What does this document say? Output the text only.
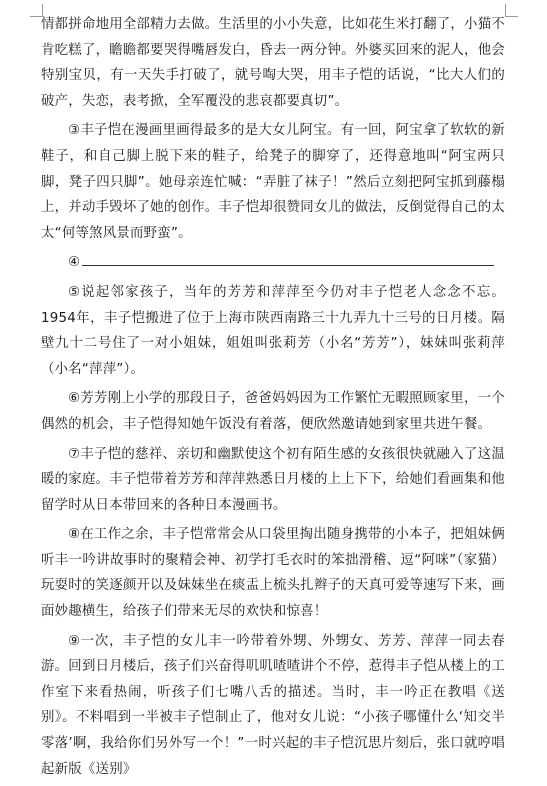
情都拼命地用全部精力去做。生活里的小小失意，比如花生米打翻了，小猫不肯吃糕了，瞻瞻都要哭得嘴唇发白，昏去一两分钟。外婆买回来的泥人，他会特别宝贝，有一天失手打破了，就号啕大哭，用丰子恺的话说，“比大人们的破产，失恋，表考掀，全军覆没的悲哀都要真切”。

③丰子恺在漫画里画得最多的是大女儿阿宝。有一回，阿宝拿了软软的新鞋子，和自己脚上脱下来的鞋子，给凳子的脚穿了，还得意地叫“阿宝两只脚，凳子四只脚”。她母亲连忙喊：“弄脏了袜子！”然后立刻把阿宝抓到藤榻上，并动手毁坏了她的创作。丰子恺却很赞同女儿的做法，反倒觉得自己的太太“何等煞风景而野蛮”。

④

⑤说起邻家孩子，当年的芳芳和萍萍至今仍对丰子恺老人念念不忘。1954年，丰子恺搬进了位于上海市陕西南路三十九弄九十三号的日月楼。隔壁九十二号住了一对小姐妹，姐姐叫张莉芳（小名“芳芳”），妹妹叫张莉萍（小名“萍萍”）。

⑥芳芳刚上小学的那段日子，爸爸妈妈因为工作繁忙无暇照顾家里，一个偶然的机会，丰子恺得知她午饭没有着落，便欣然邀请她到家里共进午餐。

⑦丰子恺的慈祥、亲切和幽默使这个初有陌生感的女孩很快就融入了这温暖的家庭。丰子恺带着芳芳和萍萍熟悉日月楼的上上下下，给她们看画集和他留学时从日本带回来的各种日本漫画书。

⑧在工作之余，丰子恺常常会从口袋里掏出随身携带的小本子，把姐妹俩听丰一吟讲故事时的聚精会神、初学打毛衣时的笨拙滑稽、逗“阿咪”（家猫）玩耍时的笑逐颜开以及妹妹坐在痰盂上梳头扎辫子的天真可爱等速写下来，画面妙趣横生，给孩子们带来无尽的欢快和惊喜！

⑨一次，丰子恺的女儿丰一吟带着外甥、外甥女、芳芳、萍萍一同去春游。回到日月楼后，孩子们兴奋得叽叽喳喳讲个不停，惹得丰子恺从楼上的工作室下来看热闹，听孩子们七嘴八舌的描述。当时，丰一吟正在教唱《送别》。不料唱到一半被丰子恺制止了，他对女儿说：“小孩子哪懂什么‘知交半零落’啊，我给你们另外写一个！”一时兴起的丰子恺沉思片刻后，张口就哼唱起新版《送别》
